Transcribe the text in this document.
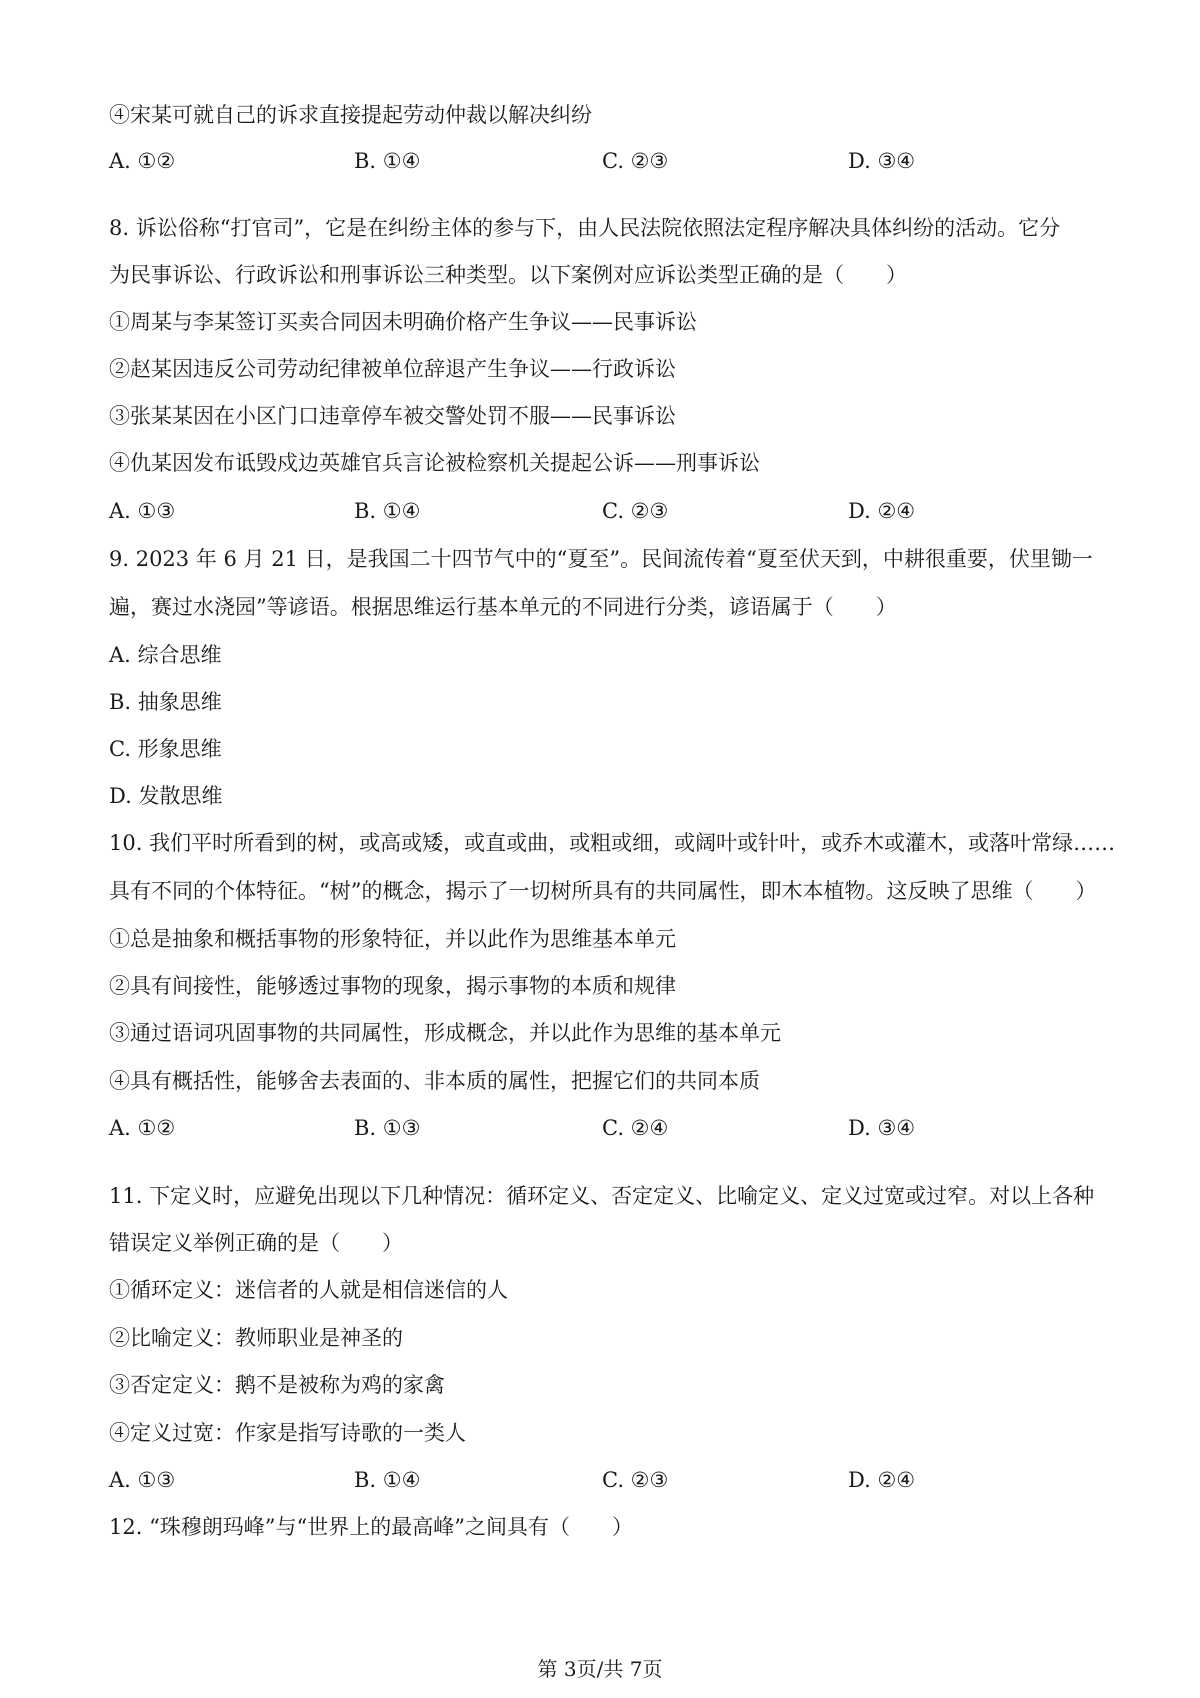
④宋某可就自己的诉求直接提起劳动仲裁以解决纠纷
A. ①②	B. ①④	C. ②③	D. ③④
8. 诉讼俗称“打官司”，它是在纠纷主体的参与下，由人民法院依照法定程序解决具体纠纷的活动。它分
为民事诉讼、行政诉讼和刑事诉讼三种类型。以下案例对应诉讼类型正确的是（　　）
①周某与李某签订买卖合同因未明确价格产生争议——民事诉讼
②赵某因违反公司劳动纪律被单位辞退产生争议——行政诉讼
③张某某因在小区门口违章停车被交警处罚不服——民事诉讼
④仇某因发布诋毁戍边英雄官兵言论被检察机关提起公诉——刑事诉讼
A. ①③	B. ①④	C. ②③	D. ②④
9. 2023 年 6 月 21 日，是我国二十四节气中的“夏至”。民间流传着“夏至伏天到，中耕很重要，伏里锄一
遍，赛过水浇园”等谚语。根据思维运行基本单元的不同进行分类，谚语属于（　　）
A. 综合思维
B. 抽象思维
C. 形象思维
D. 发散思维
10. 我们平时所看到的树，或高或矮，或直或曲，或粗或细，或阔叶或针叶，或乔木或灌木，或落叶常绿……
具有不同的个体特征。“树”的概念，揭示了一切树所具有的共同属性，即木本植物。这反映了思维（　　）
①总是抽象和概括事物的形象特征，并以此作为思维基本单元
②具有间接性，能够透过事物的现象，揭示事物的本质和规律
③通过语词巩固事物的共同属性，形成概念，并以此作为思维的基本单元
④具有概括性，能够舍去表面的、非本质的属性，把握它们的共同本质
A. ①②	B. ①③	C. ②④	D. ③④
11. 下定义时，应避免出现以下几种情况：循环定义、否定定义、比喻定义、定义过宽或过窄。对以上各种
错误定义举例正确的是（　　）
①循环定义：迷信者的人就是相信迷信的人
②比喻定义：教师职业是神圣的
③否定定义：鹅不是被称为鸡的家禽
④定义过宽：作家是指写诗歌的一类人
A. ①③	B. ①④	C. ②③	D. ②④
12. “珠穆朗玛峰”与“世界上的最高峰”之间具有（　　）
第 3页/共 7页
